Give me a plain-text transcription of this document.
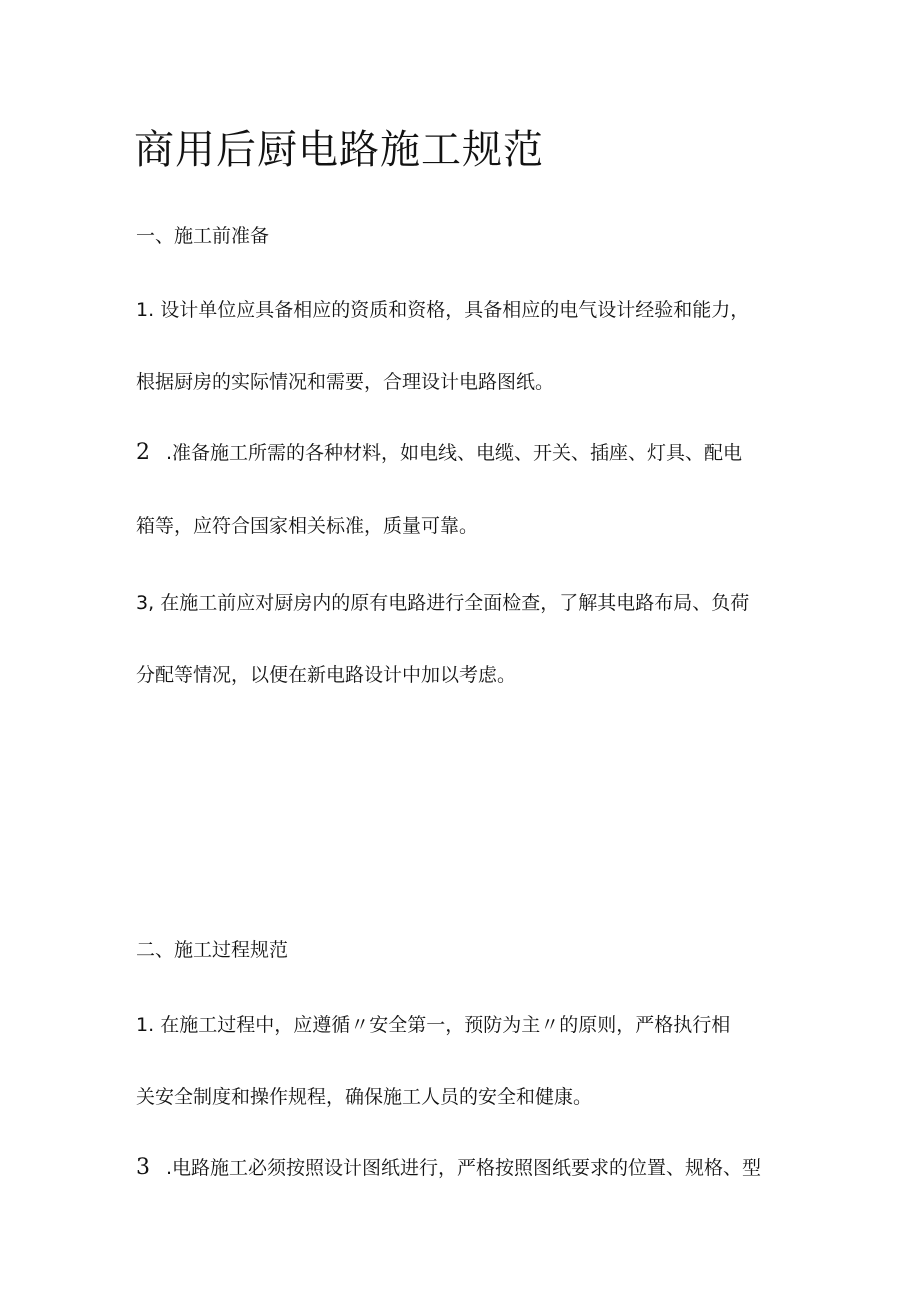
商用后厨电路施工规范

一、施工前准备

1. 设计单位应具备相应的资质和资格，具备相应的电气设计经验和能力，

根据厨房的实际情况和需要，合理设计电路图纸。

2 .准备施工所需的各种材料，如电线、电缆、开关、插座、灯具、配电

箱等，应符合国家相关标准，质量可靠。

3, 在施工前应对厨房内的原有电路进行全面检查，了解其电路布局、负荷

分配等情况，以便在新电路设计中加以考虑。

二、施工过程规范

1. 在施工过程中，应遵循〃安全第一，预防为主〃的原则，严格执行相

关安全制度和操作规程，确保施工人员的安全和健康。

3 .电路施工必须按照设计图纸进行，严格按照图纸要求的位置、规格、型
